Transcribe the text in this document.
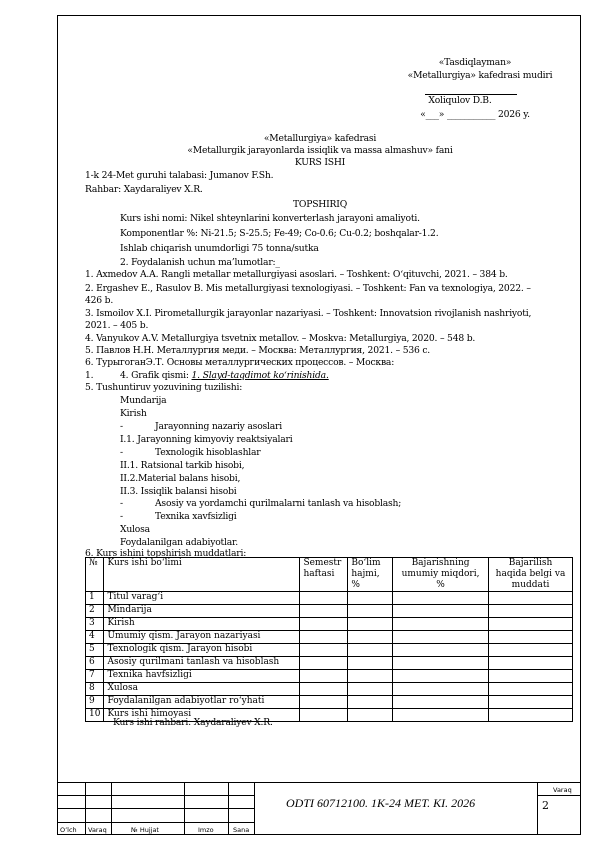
«Tasdiqlayman»
«Metallurgiya» kafedrasi mudiri
Xoliqulov D.B.
«___» ___________ 2026 y.
«Metallurgiya» kafedrasi
«Metallurgik jarayonlarda issiqlik va massa almashuv» fani
KURS ISHI
1-k 24-Met guruhi talabasi: Jumanov F.Sh.
Rahbar: Xaydaraliyev X.R.
TOPSHIRIQ
Kurs ishi nomi: Nikel shteynlarini konverterlash jarayoni amaliyoti.
Komponentlar %: Ni-21.5; S-25.5; Fe-49; Co-0.6; Cu-0.2; boshqalar-1.2.
Ishlab chiqarish unumdorligi 75 tonna/sutka
2. Foydalanish uchun ma’lumotlar:_
1. Axmedov A.A. Rangli metallar metallurgiyasi asoslari. – Toshkent: O‘qituvchi, 2021. – 384 b.
2. Ergashev E., Rasulov B. Mis metallurgiyasi texnologiyasi. – Toshkent: Fan va texnologiya, 2022. –
426 b.
3. Ismoilov X.I. Pirometallurgik jarayonlar nazariyasi. – Toshkent: Innovatsion rivojlanish nashriyoti,
2021. – 405 b.
4. Vanyukov A.V. Metallurgiya tsvetnix metallov. – Moskva: Metallurgiya, 2020. – 548 b.
5. Павлов Н.Н. Металлургия меди. – Москва: Металлургия, 2021. – 536 с.
6. ТурыгоганЭ.Т. Основы металлургических процессов. – Москва:
1.	4. Grafik qismi: 1. Slayd-taqdimot ko‘rinishida.
5. Tushuntiruv yozuvining tuzilishi:
Mundarija
Kirish
-	Jarayonning nazariy asoslari
I.1. Jarayonning kimyoviy reaktsiyalari
-	Texnologik hisoblashlar
II.1. Ratsional tarkib hisobi,
II.2.Material balans hisobi,
II.3. Issiqlik balansi hisobi
-	Asosiy va yordamchi qurilmalarni tanlash va hisoblash;
-	Texnika xavfsizligi
Xulosa
Foydalanilgan adabiyotlar.
6. Kurs ishini topshirish muddatlari:
№	Kurs ishi bo‘limi	Semestr haftasi	Bo‘lim hajmi, %	Bajarishning umumiy miqdori, %	Bajarilish haqida belgi va muddati
1	Titul varag‘i				
2	Mindarija				
3	Kirish				
4	Umumiy qism. Jarayon nazariyasi				
5	Texnologik qism. Jarayon hisobi				
6	Asosiy qurilmani tanlash va hisoblash				
7	Texnika havfsizligi				
8	Xulosa				
9	Foydalanilgan adabiyotlar ro‘yhati				
10	Kurs ishi himoyasi				
Kurs ishi rahbari: Xaydaraliyev X.R.
O’lch Varaq	№ Hujjat	Imzo	Sana
ODTI 60712100. 1K-24 MET. KI. 2026
Varaq
2
